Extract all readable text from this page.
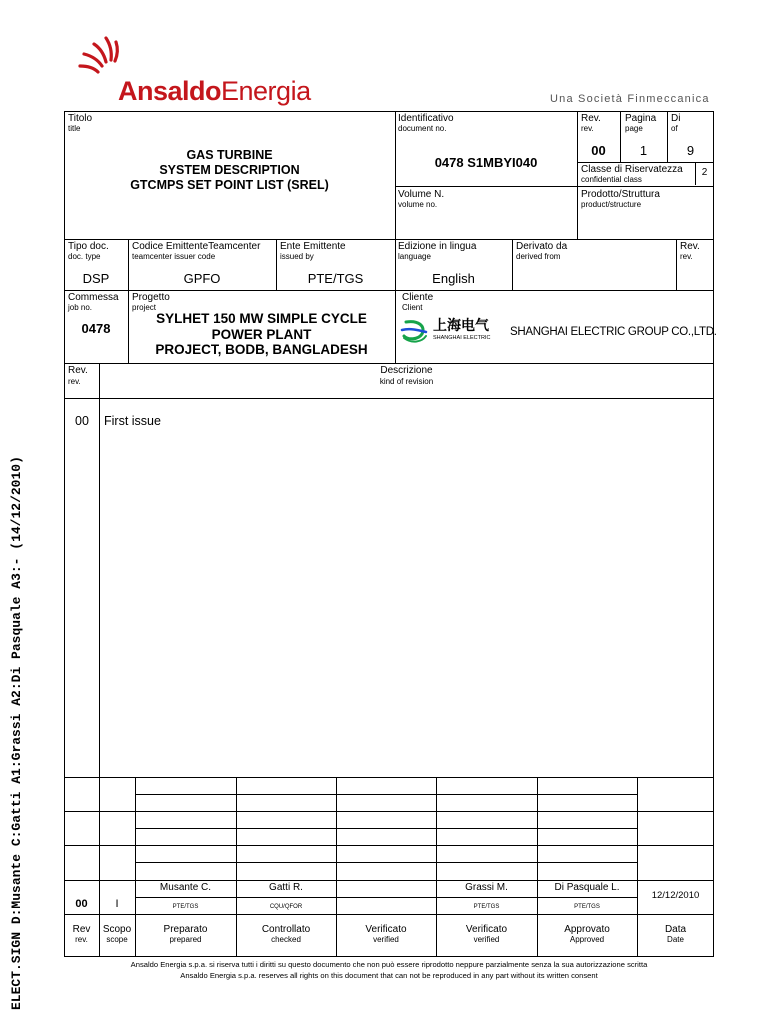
AnsaldoEnergia	Una Società Finmeccanica
ELECT.SIGN D:Musante C:Gatti A1:Grassi A2:Di Pasquale A3:- (14/12/2010)
Titolo
title
GAS TURBINE
SYSTEM DESCRIPTION
GTCMPS SET POINT LIST (SREL)
Identificativo
document no.
0478 S1MBYI040
Rev.
rev.
00
Pagina
page
1
Di
of
9
Classe di Riservatezza
confidential class
2
Volume N.
volume no.
Prodotto/Struttura
product/structure
Tipo doc.
doc. type
DSP
Codice EmittenteTeamcenter
teamcenter issuer code
GPFO
Ente Emittente
issued by
PTE/TGS
Edizione in lingua
language
English
Derivato da
derived from
Rev.
rev.
Commessa
job no.
0478
Progetto
project
SYLHET 150 MW SIMPLE CYCLE
POWER PLANT
PROJECT, BODB, BANGLADESH
Cliente
Client
上海电气
SHANGHAI ELECTRIC SHANGHAI ELECTRIC GROUP CO.,LTD.
Rev.
rev.
Descrizione
kind of revision
00 First issue
00	I
Musante C.
PTE/TGS
Gatti R.
CQU/QFOR
Grassi M.
PTE/TGS
Di Pasquale L.
PTE/TGS
12/12/2010
Rev
rev.
Scopo
scope
Preparato
prepared
Controllato
checked
Verificato
verified
Verificato
verified
Approvato
Approved
Data
Date
Ansaldo Energia s.p.a. si riserva tutti i diritti su questo documento che non può essere riprodotto neppure parzialmente senza la sua autorizzazione scritta
Ansaldo Energia s.p.a. reserves all rights on this document that can not be reproduced in any part without its written consent
